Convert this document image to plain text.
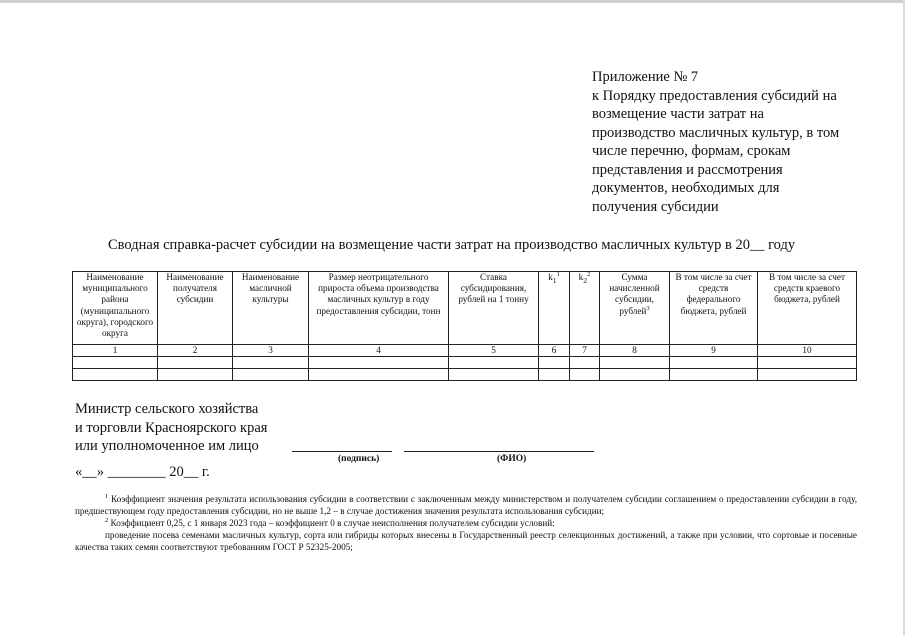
Приложение № 7
к Порядку предоставления субсидий на
возмещение части затрат на
производство масличных культур, в том
числе перечню, формам, срокам
представления и рассмотрения
документов, необходимых для
получения субсидии
Сводная справка-расчет субсидии на возмещение части затрат на производство масличных культур в 20__ году
Наименование муниципального района (муниципального округа), городского округа	Наименование получателя субсидии	Наименование масличной культуры	Размер неотрицательного прироста объема производства масличных культур в году предоставления субсидии, тонн	Ставка субсидирования, рублей на 1 тонну	$k_1^1$	$k_2^2$	Сумма начисленной субсидии, рублей$^3$	В том числе за счет средств федерального бюджета, рублей	В том числе за счет средств краевого бюджета, рублей
1	2	3	4	5	6	7	8	9	10

Министр сельского хозяйства
и торговли Красноярского края
или уполномоченное им лицо
(подпись)	(ФИО)
«__» ________ 20__ г.

$^1$ Коэффициент значения результата использования субсидии в соответствии с заключенным между министерством и получателем субсидии соглашением о предоставлении субсидии в году, предшествующем году предоставления субсидии, но не выше 1,2 – в случае достижения значения результата использования субсидии;

$^2$ Коэффициент 0,25, с 1 января 2023 года – коэффициент 0 в случае неисполнения получателем субсидии условий:

проведение посева семенами масличных культур, сорта или гибриды которых внесены в Государственный реестр селекционных достижений, а также при условии, что сортовые и посевные качества таких семян соответствуют требованиям ГОСТ Р 52325-2005;
